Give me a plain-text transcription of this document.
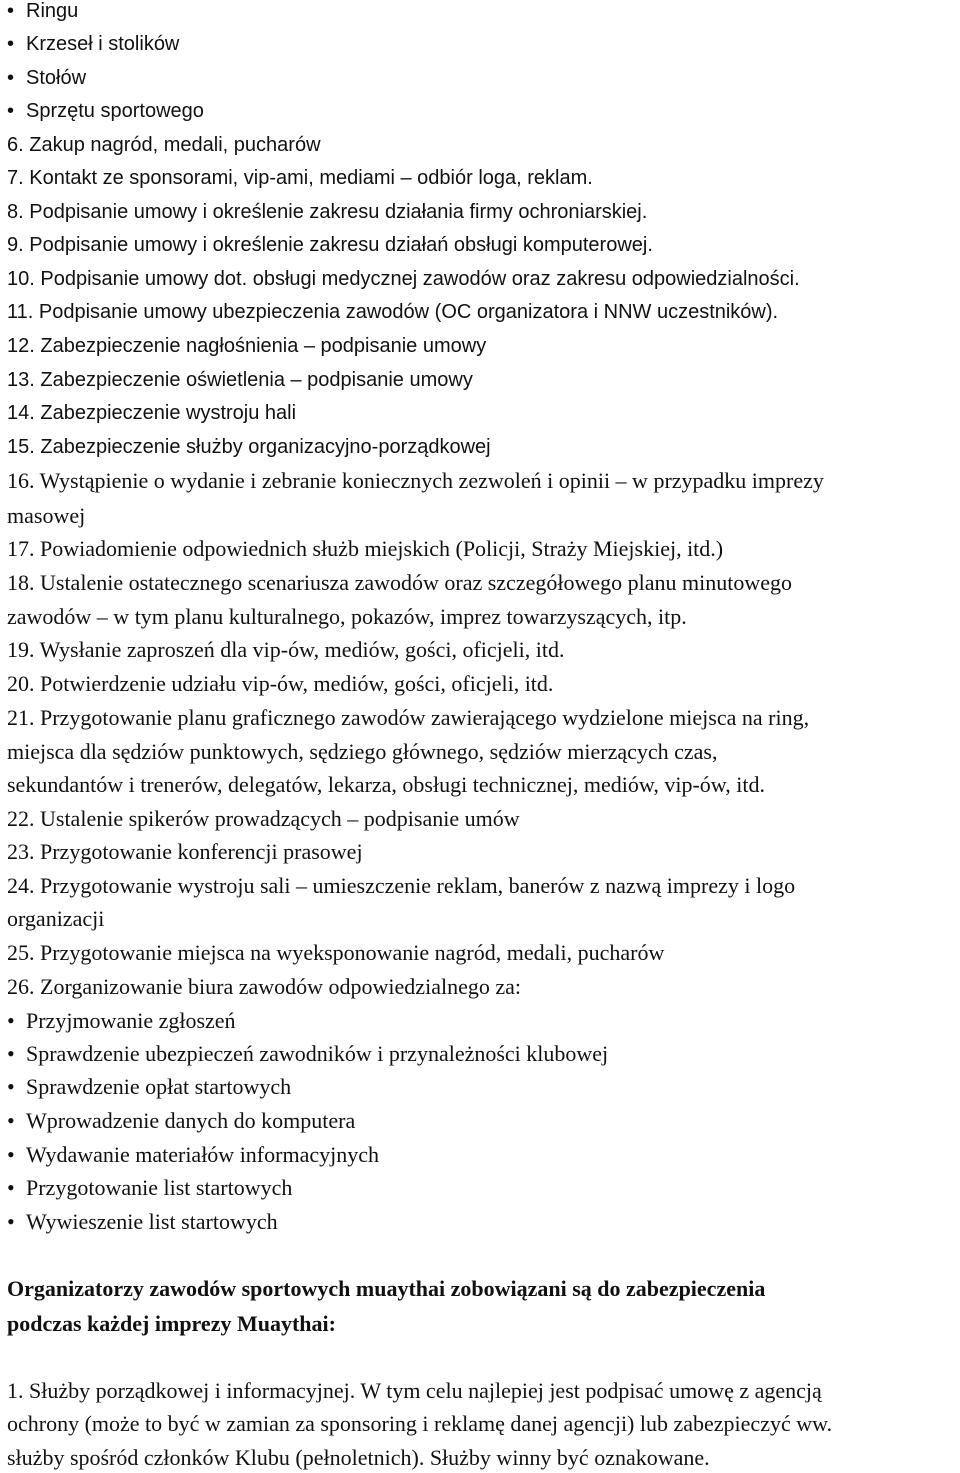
• Ringu
• Krzeseł i stolików
• Stołów
• Sprzętu sportowego
6. Zakup nagród, medali, pucharów
7. Kontakt ze sponsorami, vip-ami, mediami – odbiór loga, reklam.
8. Podpisanie umowy i określenie zakresu działania firmy ochroniarskiej.
9. Podpisanie umowy i określenie zakresu działań obsługi komputerowej.
10. Podpisanie umowy dot. obsługi medycznej zawodów oraz zakresu odpowiedzialności.
11. Podpisanie umowy ubezpieczenia zawodów (OC organizatora i NNW uczestników).
12. Zabezpieczenie nagłośnienia – podpisanie umowy
13. Zabezpieczenie oświetlenia – podpisanie umowy
14. Zabezpieczenie wystroju hali
15. Zabezpieczenie służby organizacyjno-porządkowej
16. Wystąpienie o wydanie i zebranie koniecznych zezwoleń i opinii – w przypadku imprezy
masowej
17. Powiadomienie odpowiednich służb miejskich (Policji, Straży Miejskiej, itd.)
18. Ustalenie ostatecznego scenariusza zawodów oraz szczegółowego planu minutowego
zawodów – w tym planu kulturalnego, pokazów, imprez towarzyszących, itp.
19. Wysłanie zaproszeń dla vip-ów, mediów, gości, oficjeli, itd.
20. Potwierdzenie udziału vip-ów, mediów, gości, oficjeli, itd.
21. Przygotowanie planu graficznego zawodów zawierającego wydzielone miejsca na ring,
miejsca dla sędziów punktowych, sędziego głównego, sędziów mierzących czas,
sekundantów i trenerów, delegatów, lekarza, obsługi technicznej, mediów, vip-ów, itd.
22. Ustalenie spikerów prowadzących – podpisanie umów
23. Przygotowanie konferencji prasowej
24. Przygotowanie wystroju sali – umieszczenie reklam, banerów z nazwą imprezy i logo
organizacji
25. Przygotowanie miejsca na wyeksponowanie nagród, medali, pucharów
26. Zorganizowanie biura zawodów odpowiedzialnego za:
• Przyjmowanie zgłoszeń
• Sprawdzenie ubezpieczeń zawodników i przynależności klubowej
• Sprawdzenie opłat startowych
• Wprowadzenie danych do komputera
• Wydawanie materiałów informacyjnych
• Przygotowanie list startowych
• Wywieszenie list startowych
Organizatorzy zawodów sportowych muaythai zobowiązani są do zabezpieczenia
podczas każdej imprezy Muaythai:
1. Służby porządkowej i informacyjnej. W tym celu najlepiej jest podpisać umowę z agencją
ochrony (może to być w zamian za sponsoring i reklamę danej agencji) lub zabezpieczyć ww.
służby spośród członków Klubu (pełnoletnich). Służby winny być oznakowane.
